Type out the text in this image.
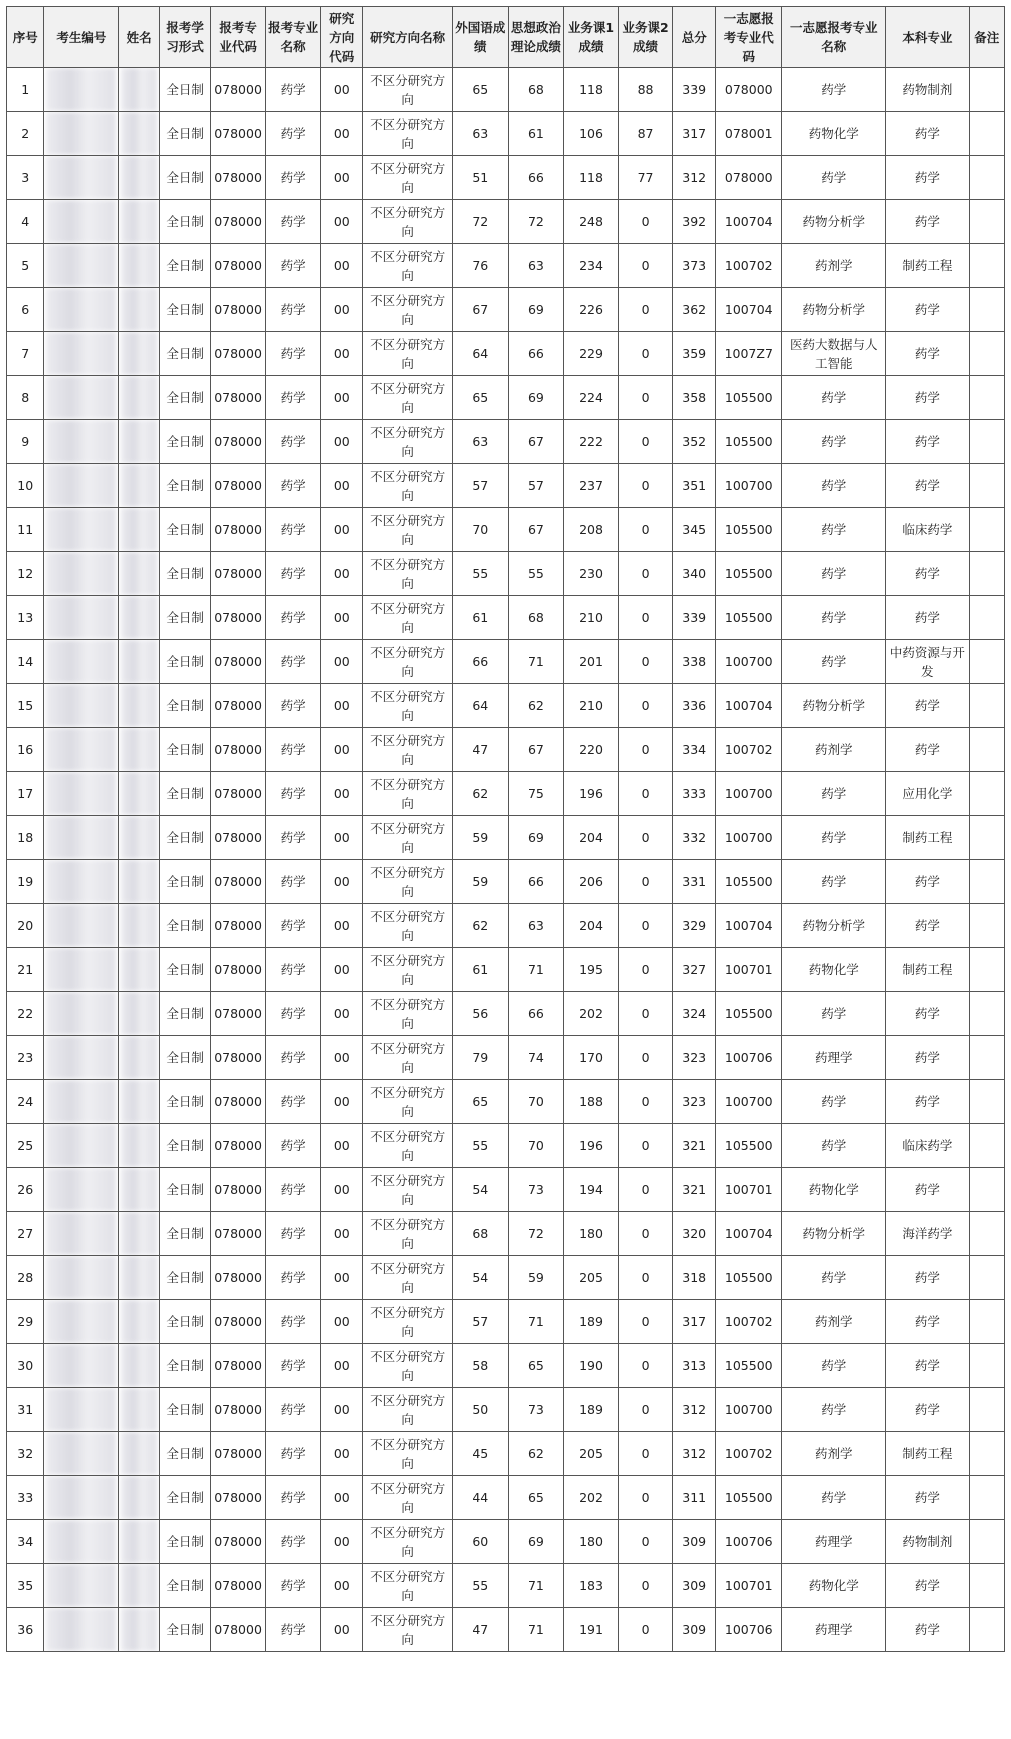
序号	考生编号	姓名	报考学习形式	报考专业代码	报考专业名称	研究方向代码	研究方向名称	外国语成绩	思想政治理论成绩	业务课1成绩	业务课2成绩	总分	一志愿报考专业代码	一志愿报考专业名称	本科专业	备注
1			全日制	078000	药学	00	不区分研究方向	65	68	118	88	339	078000	药学	药物制剂	
2			全日制	078000	药学	00	不区分研究方向	63	61	106	87	317	078001	药物化学	药学	
3			全日制	078000	药学	00	不区分研究方向	51	66	118	77	312	078000	药学	药学	
4			全日制	078000	药学	00	不区分研究方向	72	72	248	0	392	100704	药物分析学	药学	
5			全日制	078000	药学	00	不区分研究方向	76	63	234	0	373	100702	药剂学	制药工程	
6			全日制	078000	药学	00	不区分研究方向	67	69	226	0	362	100704	药物分析学	药学	
7			全日制	078000	药学	00	不区分研究方向	64	66	229	0	359	1007Z7	医药大数据与人工智能	药学	
8			全日制	078000	药学	00	不区分研究方向	65	69	224	0	358	105500	药学	药学	
9			全日制	078000	药学	00	不区分研究方向	63	67	222	0	352	105500	药学	药学	
10			全日制	078000	药学	00	不区分研究方向	57	57	237	0	351	100700	药学	药学	
11			全日制	078000	药学	00	不区分研究方向	70	67	208	0	345	105500	药学	临床药学	
12			全日制	078000	药学	00	不区分研究方向	55	55	230	0	340	105500	药学	药学	
13			全日制	078000	药学	00	不区分研究方向	61	68	210	0	339	105500	药学	药学	
14			全日制	078000	药学	00	不区分研究方向	66	71	201	0	338	100700	药学	中药资源与开发	
15			全日制	078000	药学	00	不区分研究方向	64	62	210	0	336	100704	药物分析学	药学	
16			全日制	078000	药学	00	不区分研究方向	47	67	220	0	334	100702	药剂学	药学	
17			全日制	078000	药学	00	不区分研究方向	62	75	196	0	333	100700	药学	应用化学	
18			全日制	078000	药学	00	不区分研究方向	59	69	204	0	332	100700	药学	制药工程	
19			全日制	078000	药学	00	不区分研究方向	59	66	206	0	331	105500	药学	药学	
20			全日制	078000	药学	00	不区分研究方向	62	63	204	0	329	100704	药物分析学	药学	
21			全日制	078000	药学	00	不区分研究方向	61	71	195	0	327	100701	药物化学	制药工程	
22			全日制	078000	药学	00	不区分研究方向	56	66	202	0	324	105500	药学	药学	
23			全日制	078000	药学	00	不区分研究方向	79	74	170	0	323	100706	药理学	药学	
24			全日制	078000	药学	00	不区分研究方向	65	70	188	0	323	100700	药学	药学	
25			全日制	078000	药学	00	不区分研究方向	55	70	196	0	321	105500	药学	临床药学	
26			全日制	078000	药学	00	不区分研究方向	54	73	194	0	321	100701	药物化学	药学	
27			全日制	078000	药学	00	不区分研究方向	68	72	180	0	320	100704	药物分析学	海洋药学	
28			全日制	078000	药学	00	不区分研究方向	54	59	205	0	318	105500	药学	药学	
29			全日制	078000	药学	00	不区分研究方向	57	71	189	0	317	100702	药剂学	药学	
30			全日制	078000	药学	00	不区分研究方向	58	65	190	0	313	105500	药学	药学	
31			全日制	078000	药学	00	不区分研究方向	50	73	189	0	312	100700	药学	药学	
32			全日制	078000	药学	00	不区分研究方向	45	62	205	0	312	100702	药剂学	制药工程	
33			全日制	078000	药学	00	不区分研究方向	44	65	202	0	311	105500	药学	药学	
34			全日制	078000	药学	00	不区分研究方向	60	69	180	0	309	100706	药理学	药物制剂	
35			全日制	078000	药学	00	不区分研究方向	55	71	183	0	309	100701	药物化学	药学	
36			全日制	078000	药学	00	不区分研究方向	47	71	191	0	309	100706	药理学	药学	
